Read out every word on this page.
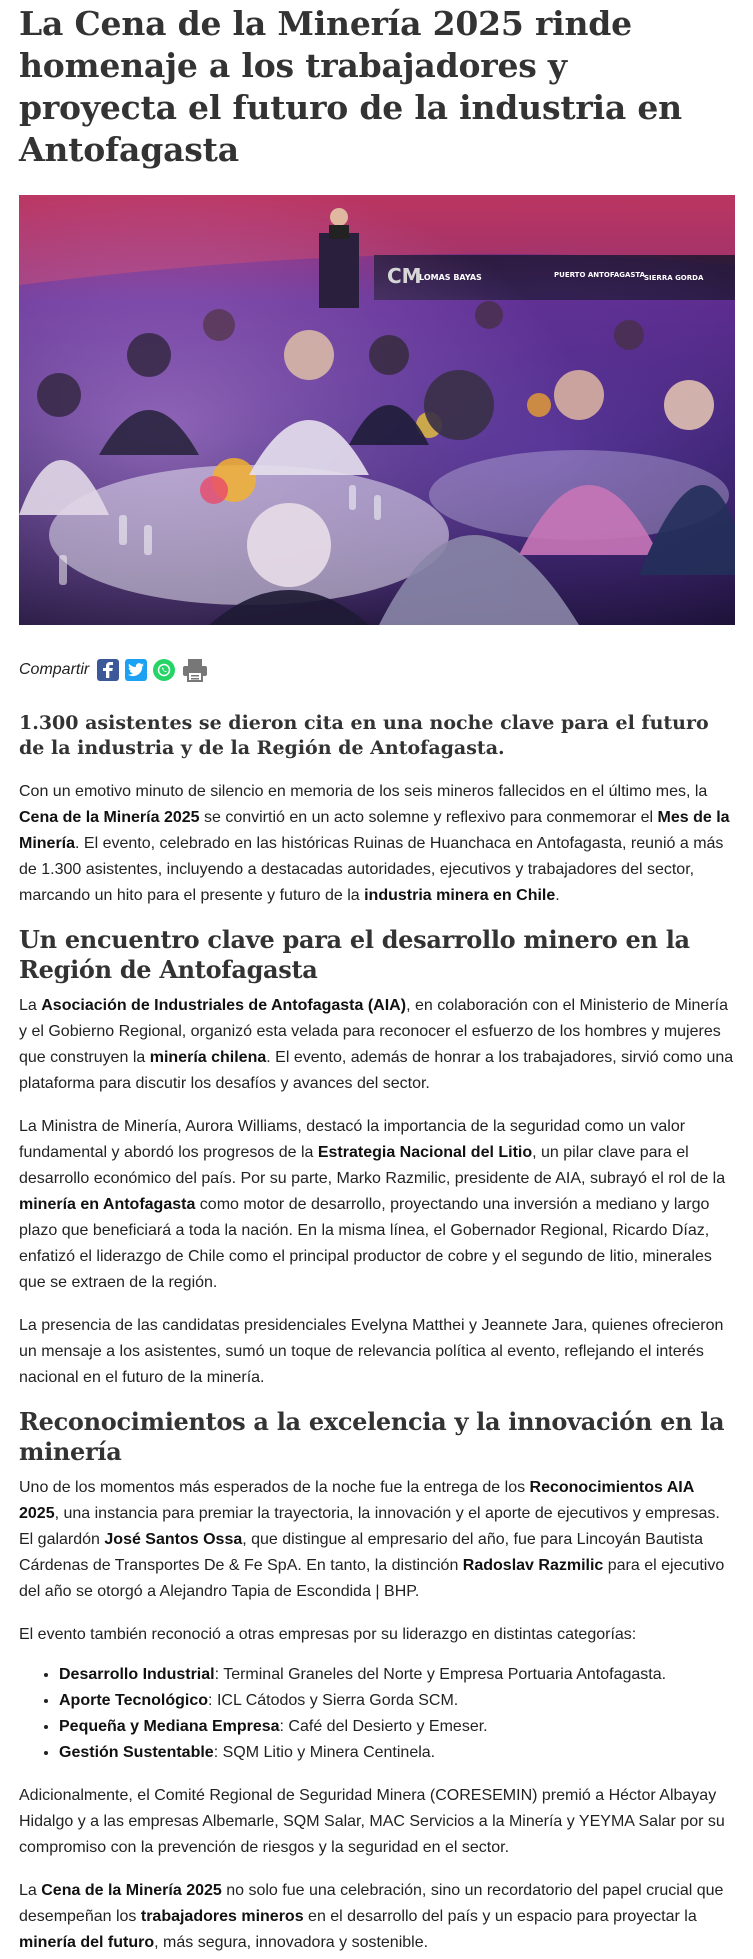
La Cena de la Minería 2025 rinde homenaje a los trabajadores y proyecta el futuro de la industria en Antofagasta
CM
LOMAS BAYAS	PUERTO ANTOFAGASTA
SIERRA GORDA
Compartir
1.300 asistentes se dieron cita en una noche clave para el futuro de la industria y de la Región de Antofagasta.

Con un emotivo minuto de silencio en memoria de los seis mineros fallecidos en el último mes, la Cena de la Minería 2025 se convirtió en un acto solemne y reflexivo para conmemorar el Mes de la Minería. El evento, celebrado en las históricas Ruinas de Huanchaca en Antofagasta, reunió a más de 1.300 asistentes, incluyendo a destacadas autoridades, ejecutivos y trabajadores del sector, marcando un hito para el presente y futuro de la industria minera en Chile.

Un encuentro clave para el desarrollo minero en la Región de Antofagasta

La Asociación de Industriales de Antofagasta (AIA), en colaboración con el Ministerio de Minería y el Gobierno Regional, organizó esta velada para reconocer el esfuerzo de los hombres y mujeres que construyen la minería chilena. El evento, además de honrar a los trabajadores, sirvió como una plataforma para discutir los desafíos y avances del sector.

La Ministra de Minería, Aurora Williams, destacó la importancia de la seguridad como un valor fundamental y abordó los progresos de la Estrategia Nacional del Litio, un pilar clave para el desarrollo económico del país. Por su parte, Marko Razmilic, presidente de AIA, subrayó el rol de la minería en Antofagasta como motor de desarrollo, proyectando una inversión a mediano y largo plazo que beneficiará a toda la nación. En la misma línea, el Gobernador Regional, Ricardo Díaz, enfatizó el liderazgo de Chile como el principal productor de cobre y el segundo de litio, minerales que se extraen de la región.

La presencia de las candidatas presidenciales Evelyna Matthei y Jeannete Jara, quienes ofrecieron un mensaje a los asistentes, sumó un toque de relevancia política al evento, reflejando el interés nacional en el futuro de la minería.

Reconocimientos a la excelencia y la innovación en la minería

Uno de los momentos más esperados de la noche fue la entrega de los Reconocimientos AIA 2025, una instancia para premiar la trayectoria, la innovación y el aporte de ejecutivos y empresas. El galardón José Santos Ossa, que distingue al empresario del año, fue para Lincoyán Bautista Cárdenas de Transportes De & Fe SpA. En tanto, la distinción Radoslav Razmilic para el ejecutivo del año se otorgó a Alejandro Tapia de Escondida | BHP.

El evento también reconoció a otras empresas por su liderazgo en distintas categorías:

• Desarrollo Industrial: Terminal Graneles del Norte y Empresa Portuaria Antofagasta.
• Aporte Tecnológico: ICL Cátodos y Sierra Gorda SCM.
• Pequeña y Mediana Empresa: Café del Desierto y Emeser.
• Gestión Sustentable: SQM Litio y Minera Centinela.

Adicionalmente, el Comité Regional de Seguridad Minera (CORESEMIN) premió a Héctor Albayay Hidalgo y a las empresas Albemarle, SQM Salar, MAC Servicios a la Minería y YEYMA Salar por su compromiso con la prevención de riesgos y la seguridad en el sector.

La Cena de la Minería 2025 no solo fue una celebración, sino un recordatorio del papel crucial que desempeñan los trabajadores mineros en el desarrollo del país y un espacio para proyectar la minería del futuro, más segura, innovadora y sostenible.
